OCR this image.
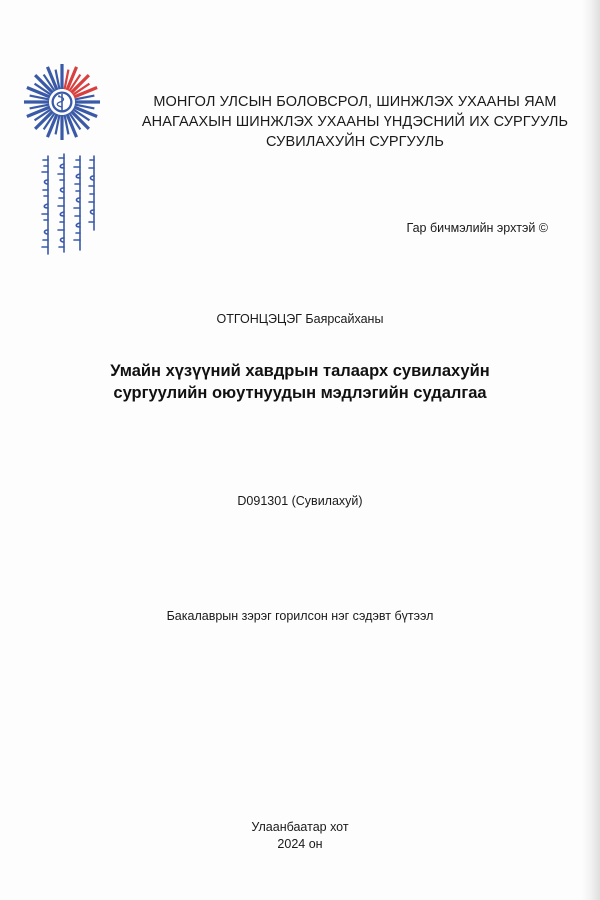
МОНГОЛ УЛСЫН БОЛОВСРОЛ, ШИНЖЛЭХ УХААНЫ ЯАМ
АНАГААХЫН ШИНЖЛЭХ УХААНЫ ҮНДЭСНИЙ ИХ СУРГУУЛЬ
СУВИЛАХУЙН СУРГУУЛЬ
Гар бичмэлийн эрхтэй ©
ОТГОНЦЭЦЭГ Баярсайханы
Умайн хүзүүний хавдрын талаарх сувилахуйн
сургуулийн оюутнуудын мэдлэгийн судалгаа
D091301 (Сувилахуй)
Бакалаврын зэрэг горилсон нэг сэдэвт бүтээл
Улаанбаатар хот
2024 он
